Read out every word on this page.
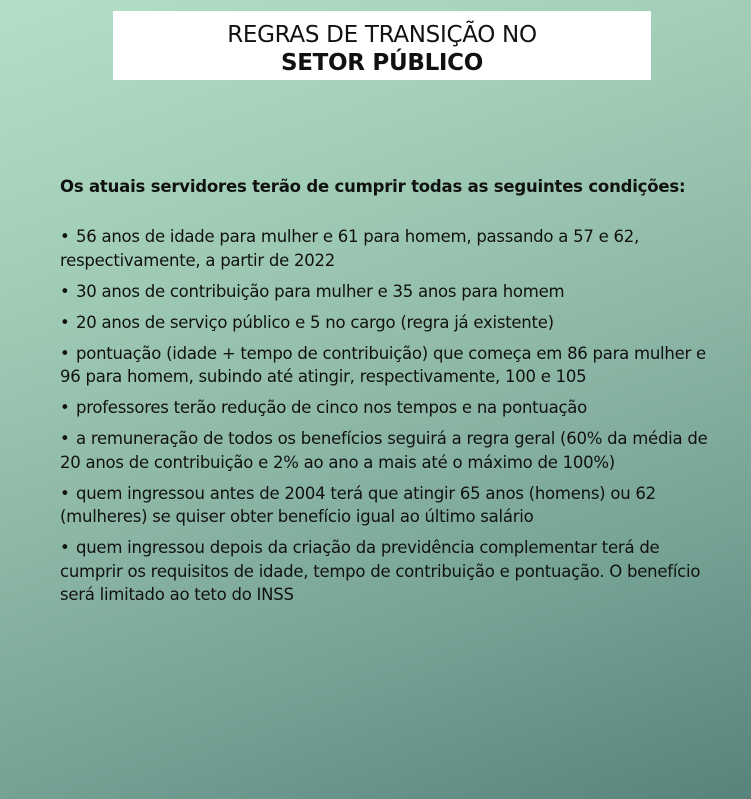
REGRAS DE TRANSIÇÃO NO
SETOR PÚBLICO

Os atuais servidores terão de cumprir todas as seguintes condições:

• 56 anos de idade para mulher e 61 para homem, passando a 57 e 62, respectivamente, a partir de 2022
• 30 anos de contribuição para mulher e 35 anos para homem
• 20 anos de serviço público e 5 no cargo (regra já existente)
• pontuação (idade + tempo de contribuição) que começa em 86 para mulher e 96 para homem, subindo até atingir, respectivamente, 100 e 105
• professores terão redução de cinco nos tempos e na pontuação
• a remuneração de todos os benefícios seguirá a regra geral (60% da média de 20 anos de contribuição e 2% ao ano a mais até o máximo de 100%)
• quem ingressou antes de 2004 terá que atingir 65 anos (homens) ou 62 (mulheres) se quiser obter benefício igual ao último salário
• quem ingressou depois da criação da previdência complementar terá de cumprir os requisitos de idade, tempo de contribuição e pontuação. O benefício será limitado ao teto do INSS
